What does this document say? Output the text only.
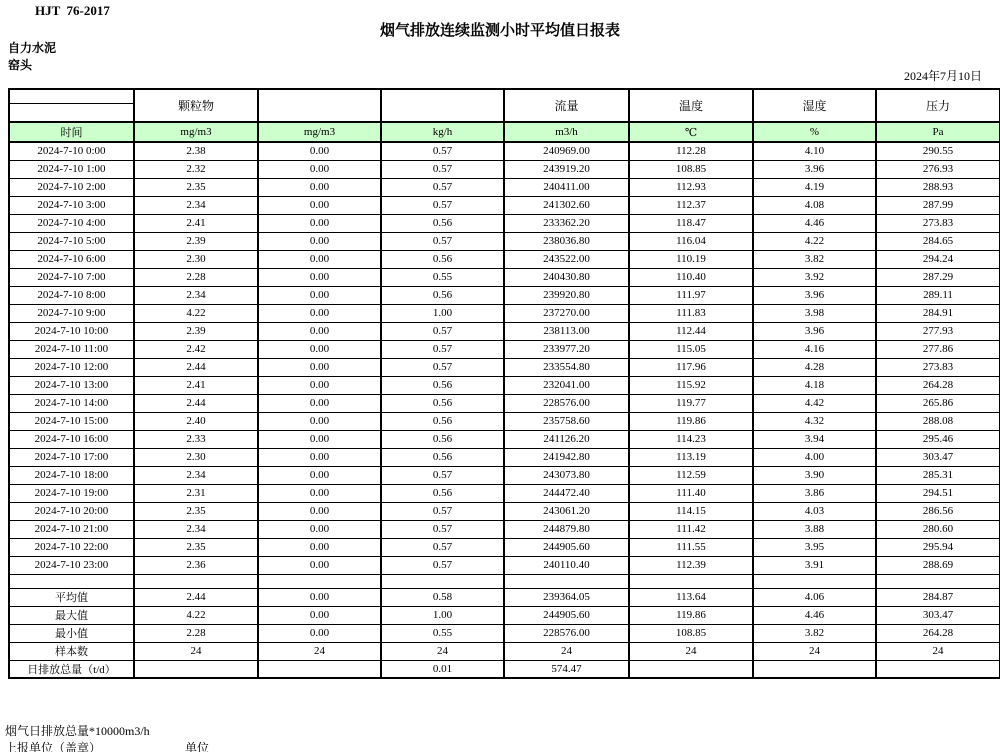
HJT  76-2017
烟气排放连续监测小时平均值日报表
自力水泥
窑头
2024年7月10日
	颗粒物			流量	温度	湿度	压力

时间	mg/m3	mg/m3	kg/h	m3/h	℃	%	Pa
2024-7-10 0:00	2.38	0.00	0.57	240969.00	112.28	4.10	290.55
2024-7-10 1:00	2.32	0.00	0.57	243919.20	108.85	3.96	276.93
2024-7-10 2:00	2.35	0.00	0.57	240411.00	112.93	4.19	288.93
2024-7-10 3:00	2.34	0.00	0.57	241302.60	112.37	4.08	287.99
2024-7-10 4:00	2.41	0.00	0.56	233362.20	118.47	4.46	273.83
2024-7-10 5:00	2.39	0.00	0.57	238036.80	116.04	4.22	284.65
2024-7-10 6:00	2.30	0.00	0.56	243522.00	110.19	3.82	294.24
2024-7-10 7:00	2.28	0.00	0.55	240430.80	110.40	3.92	287.29
2024-7-10 8:00	2.34	0.00	0.56	239920.80	111.97	3.96	289.11
2024-7-10 9:00	4.22	0.00	1.00	237270.00	111.83	3.98	284.91
2024-7-10 10:00	2.39	0.00	0.57	238113.00	112.44	3.96	277.93
2024-7-10 11:00	2.42	0.00	0.57	233977.20	115.05	4.16	277.86
2024-7-10 12:00	2.44	0.00	0.57	233554.80	117.96	4.28	273.83
2024-7-10 13:00	2.41	0.00	0.56	232041.00	115.92	4.18	264.28
2024-7-10 14:00	2.44	0.00	0.56	228576.00	119.77	4.42	265.86
2024-7-10 15:00	2.40	0.00	0.56	235758.60	119.86	4.32	288.08
2024-7-10 16:00	2.33	0.00	0.56	241126.20	114.23	3.94	295.46
2024-7-10 17:00	2.30	0.00	0.56	241942.80	113.19	4.00	303.47
2024-7-10 18:00	2.34	0.00	0.57	243073.80	112.59	3.90	285.31
2024-7-10 19:00	2.31	0.00	0.56	244472.40	111.40	3.86	294.51
2024-7-10 20:00	2.35	0.00	0.57	243061.20	114.15	4.03	286.56
2024-7-10 21:00	2.34	0.00	0.57	244879.80	111.42	3.88	280.60
2024-7-10 22:00	2.35	0.00	0.57	244905.60	111.55	3.95	295.94
2024-7-10 23:00	2.36	0.00	0.57	240110.40	112.39	3.91	288.69

平均值	2.44	0.00	0.58	239364.05	113.64	4.06	284.87
最大值	4.22	0.00	1.00	244905.60	119.86	4.46	303.47
最小值	2.28	0.00	0.55	228576.00	108.85	3.82	264.28
样本数	24	24	24	24	24	24	24
日排放总量（t/d）			0.01	574.47			
烟气日排放总量*10000m3/h
上报单位（盖章）	单位
